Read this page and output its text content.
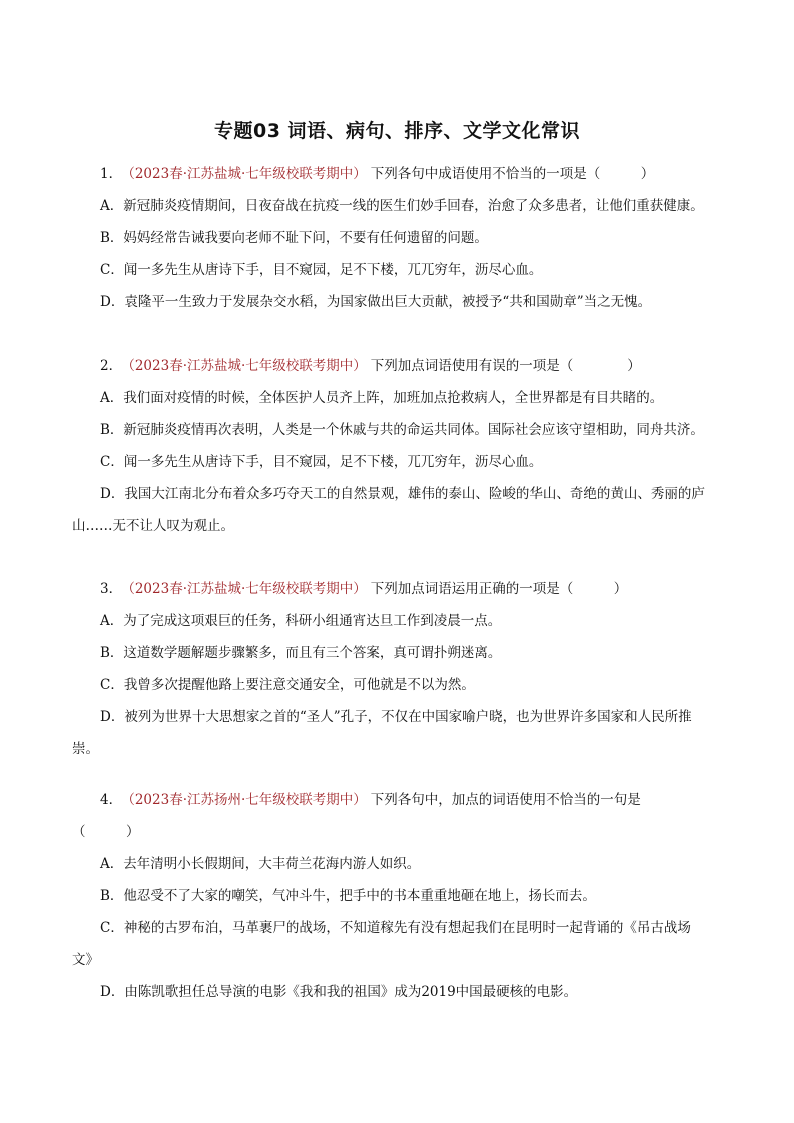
专题03 词语、病句、排序、文学文化常识
1． （2023春·江苏盐城·七年级校联考期中） 下列各句中成语使用不恰当的一项是（　　　）
A．新冠肺炎疫情期间，日夜奋战在抗疫一线的医生们妙手回春，治愈了众多患者，让他们重获健康。
B．妈妈经常告诫我要向老师不耻下问，不要有任何遗留的问题。
C．闻一多先生从唐诗下手，目不窥园，足不下楼，兀兀穷年，沥尽心血。
D．袁隆平一生致力于发展杂交水稻，为国家做出巨大贡献，被授予“共和国勋章”当之无愧。
2． （2023春·江苏盐城·七年级校联考期中） 下列加点词语使用有误的一项是（　　　　）
A．我们面对疫情的时候，全体医护人员齐上阵，加班加点抢救病人，全世界都是有目共睹的。
B．新冠肺炎疫情再次表明，人类是一个休戚与共的命运共同体。国际社会应该守望相助，同舟共济。
C．闻一多先生从唐诗下手，目不窥园，足不下楼，兀兀穷年，沥尽心血。
D．我国大江南北分布着众多巧夺天工的自然景观，雄伟的泰山、险峻的华山、奇绝的黄山、秀丽的庐
山……无不让人叹为观止。
3． （2023春·江苏盐城·七年级校联考期中） 下列加点词语运用正确的一项是（　　　）
A．为了完成这项艰巨的任务，科研小组通宵达旦工作到凌晨一点。
B．这道数学题解题步骤繁多，而且有三个答案，真可谓扑朔迷离。
C．我曾多次提醒他路上要注意交通安全，可他就是不以为然。
D．被列为世界十大思想家之首的“圣人”孔子，不仅在中国家喻户晓，也为世界许多国家和人民所推
崇。
4． （2023春·江苏扬州·七年级校联考期中） 下列各句中，加点的词语使用不恰当的一句是
（　　　）
A．去年清明小长假期间，大丰荷兰花海内游人如织。
B．他忍受不了大家的嘲笑，气冲斗牛，把手中的书本重重地砸在地上，扬长而去。
C．神秘的古罗布泊，马革裹尸的战场，不知道稼先有没有想起我们在昆明时一起背诵的《吊古战场
文》
D．由陈凯歌担任总导演的电影《我和我的祖国》成为2019中国最硬核的电影。
